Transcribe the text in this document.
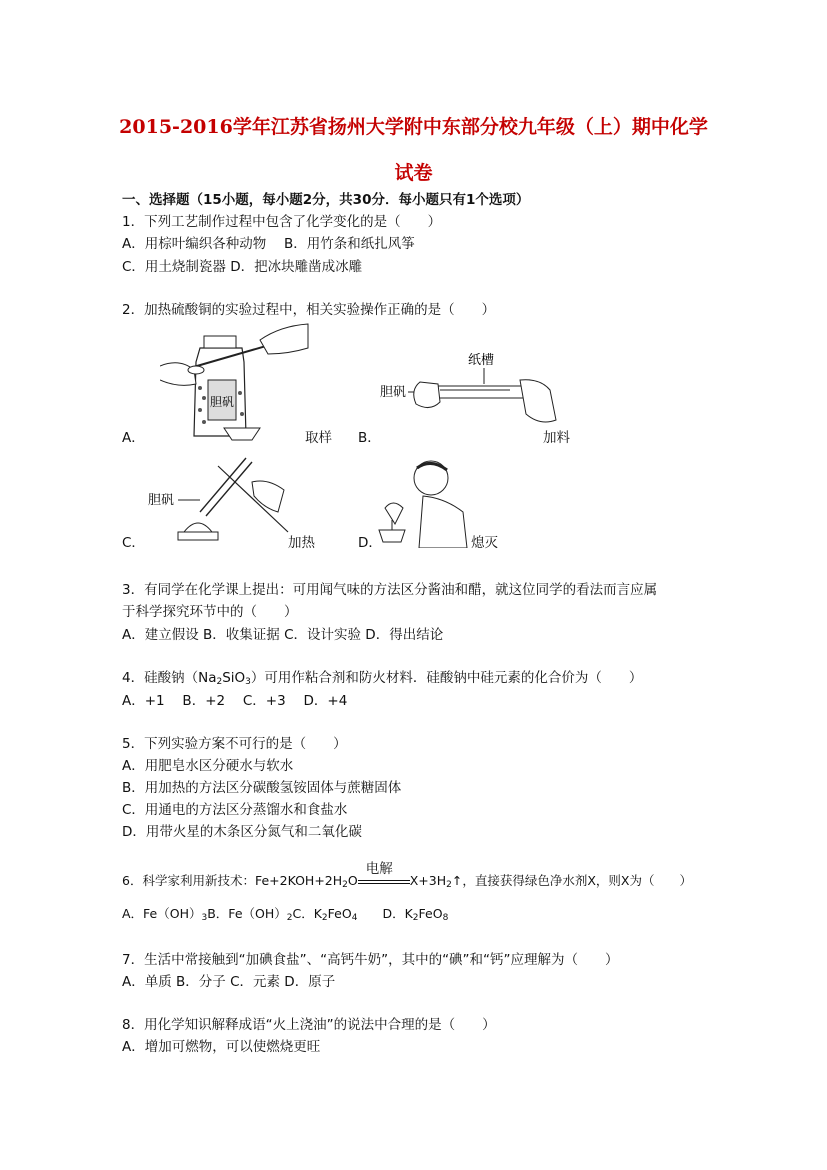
2015-2016学年江苏省扬州大学附中东部分校九年级（上）期中化学
试卷
一、选择题（15小题，每小题2分，共30分．每小题只有1个选项）
1．下列工艺制作过程中包含了化学变化的是（　　）
A．用棕叶编织各种动物　 B．用竹条和纸扎风筝
C．用土烧制瓷器 D．把冰块雕凿成冰雕
2．加热硫酸铜的实验过程中，相关实验操作正确的是（　　）
胆矾
A．	取样
纸槽
胆矾
B．	加料
胆矾
C．	加热	D．	熄灭
3．有同学在化学课上提出：可用闻气味的方法区分酱油和醋，就这位同学的看法而言应属
于科学探究环节中的（　　）
A．建立假设 B．收集证据 C．设计实验 D．得出结论
4．硅酸钠$(Na_2SiO_3)$可用作粘合剂和防火材料．硅酸钠中硅元素的化合价为（　　）
A．+1　 B．+2　 C．+3　 D．+4
5．下列实验方案不可行的是（　　）
A．用肥皂水区分硬水与软水
B．用加热的方法区分碳酸氢铵固体与蔗糖固体
C．用通电的方法区分蒸馏水和食盐水
D．用带火星的木条区分氮气和二氧化碳
6．科学家利用新技术：$Fe+2KOH+2H_2O$
电解
$X+3H_2↑$，直接获得绿色净水剂X，则X为（　　）
A．$Fe(OH)_3B$．$Fe(OH)_2C$．$K_2FeO_4$　　 D．$K_2FeO_8$
7．生活中常接触到“加碘食盐”、“高钙牛奶”，其中的“碘”和“钙”应理解为（　　）
A．单质 B．分子 C．元素 D．原子
8．用化学知识解释成语“火上浇油”的说法中合理的是（　　）
A．增加可燃物，可以使燃烧更旺
